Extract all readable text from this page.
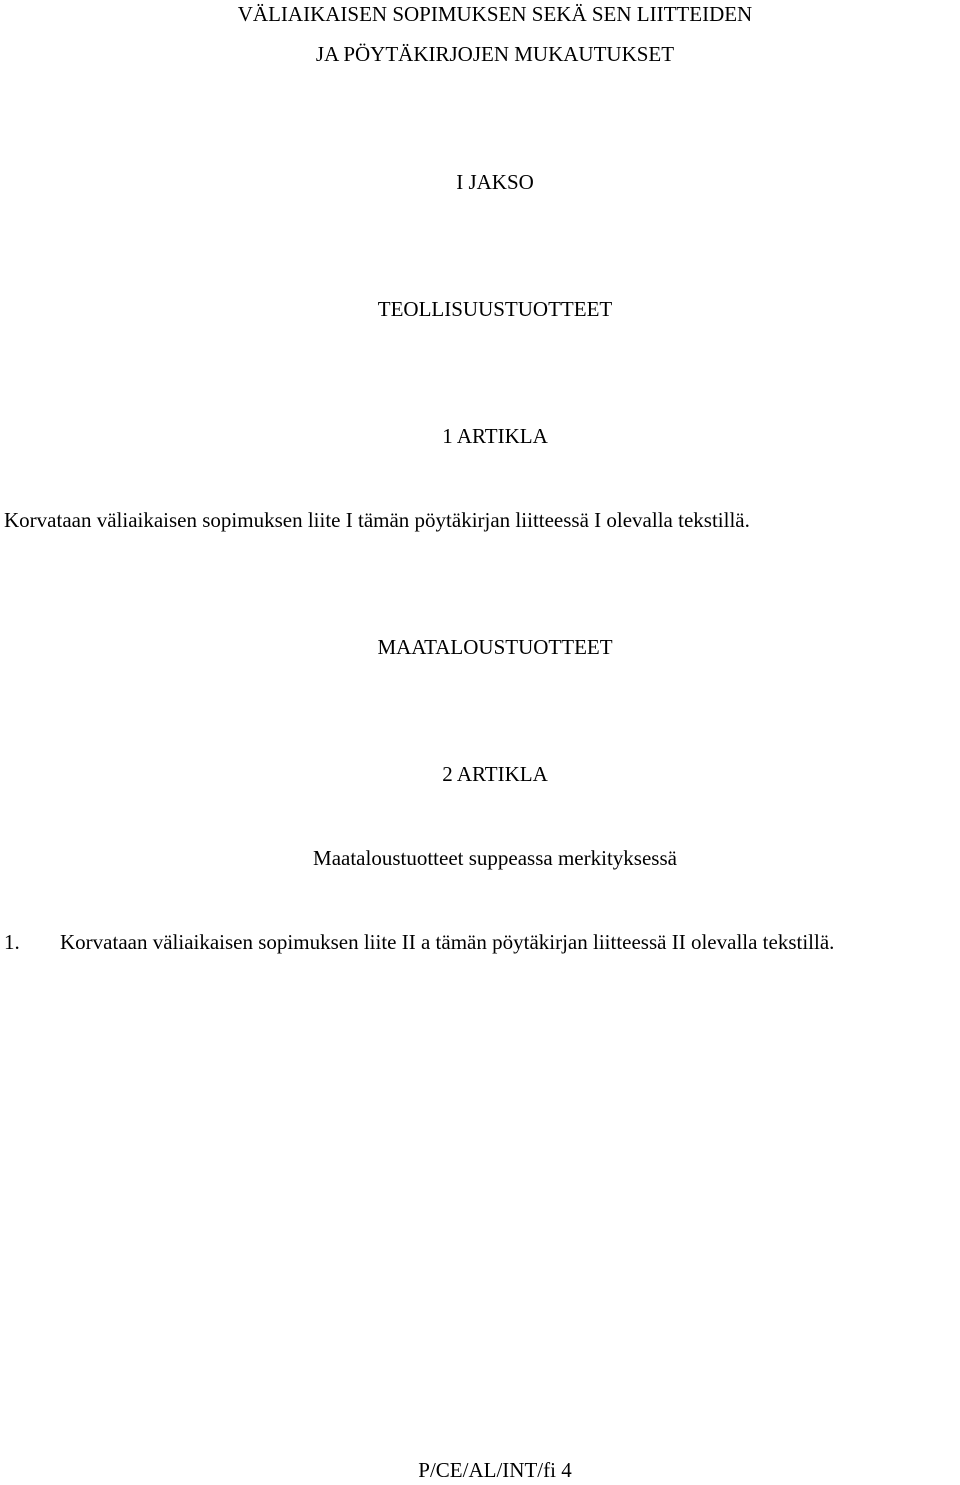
VÄLIAIKAISEN SOPIMUKSEN SEKÄ SEN LIITTEIDEN
JA PÖYTÄKIRJOJEN MUKAUTUKSET
I JAKSO
TEOLLISUUSTUOTTEET
1 ARTIKLA
Korvataan väliaikaisen sopimuksen liite I tämän pöytäkirjan liitteessä I olevalla tekstillä.
MAATALOUSTUOTTEET
2 ARTIKLA
Maataloustuotteet suppeassa merkityksessä
1. Korvataan väliaikaisen sopimuksen liite II a tämän pöytäkirjan liitteessä II olevalla tekstillä.
P/CE/AL/INT/fi 4
